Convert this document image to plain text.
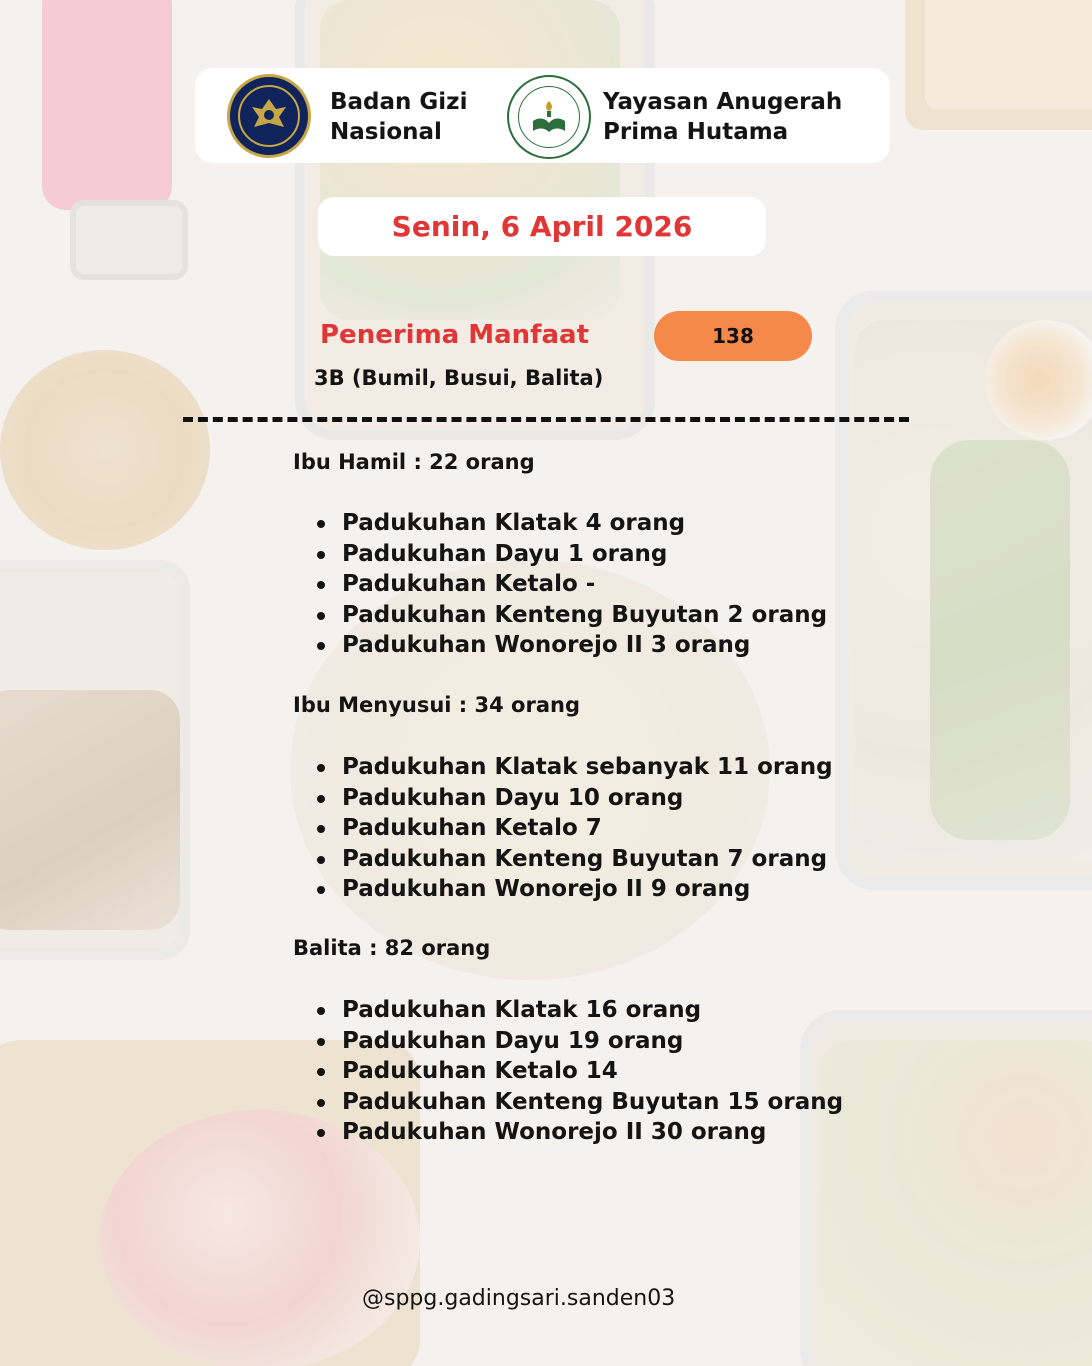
Badan Gizi
Nasional
Yayasan Anugerah
Prima Hutama
Senin, 6 April 2026
Penerima Manfaat	138
3B (Bumil, Busui, Balita)
Ibu Hamil : 22 orang
Padukuhan Klatak 4 orang
Padukuhan Dayu 1 orang
Padukuhan Ketalo -
Padukuhan Kenteng Buyutan 2 orang
Padukuhan Wonorejo II 3 orang
Ibu Menyusui : 34 orang
Padukuhan Klatak sebanyak 11 orang
Padukuhan Dayu 10 orang
Padukuhan Ketalo 7
Padukuhan Kenteng Buyutan 7 orang
Padukuhan Wonorejo II 9 orang
Balita : 82 orang
Padukuhan Klatak 16 orang
Padukuhan Dayu 19 orang
Padukuhan Ketalo 14
Padukuhan Kenteng Buyutan 15 orang
Padukuhan Wonorejo II 30 orang
@sppg.gadingsari.sanden03
